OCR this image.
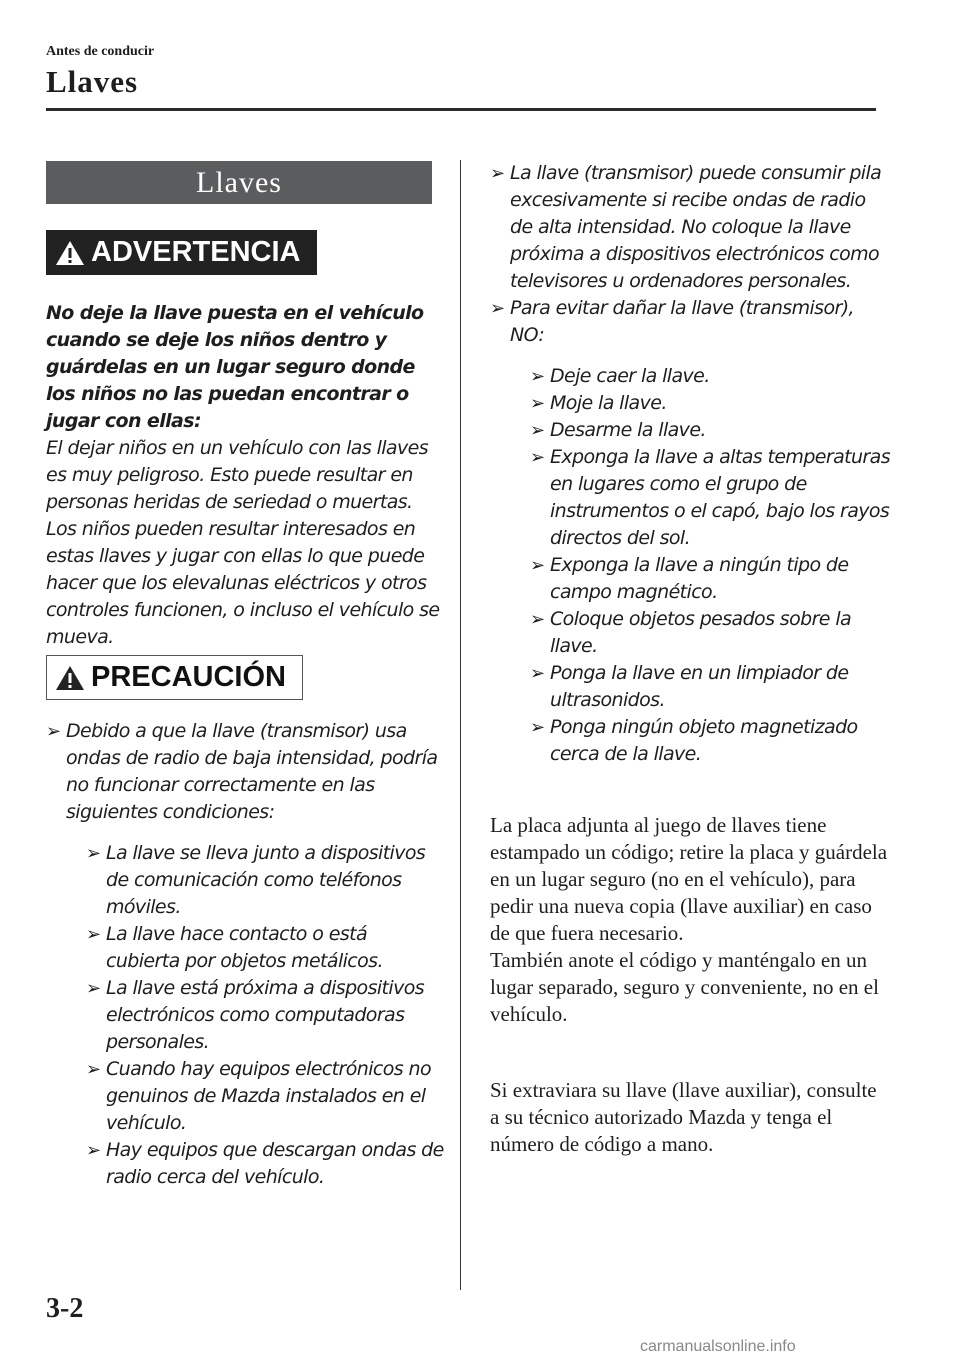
Antes de conducir
Llaves
Llaves
ADVERTENCIA
No deje la llave puesta en el vehículo cuando se deje los niños dentro y guárdelas en un lugar seguro donde los niños no las puedan encontrar o jugar con ellas:
El dejar niños en un vehículo con las llaves es muy peligroso. Esto puede resultar en personas heridas de seriedad o muertas. Los niños pueden resultar interesados en estas llaves y jugar con ellas lo que puede hacer que los elevalunas eléctricos y otros controles funcionen, o incluso el vehículo se mueva.
PRECAUCIÓN
➢ Debido a que la llave (transmisor) usa ondas de radio de baja intensidad, podría no funcionar correctamente en las siguientes condiciones:
➢ La llave se lleva junto a dispositivos de comunicación como teléfonos móviles.
➢ La llave hace contacto o está cubierta por objetos metálicos.
➢ La llave está próxima a dispositivos electrónicos como computadoras personales.
➢ Cuando hay equipos electrónicos no genuinos de Mazda instalados en el vehículo.
➢ Hay equipos que descargan ondas de radio cerca del vehículo.
➢ La llave (transmisor) puede consumir pila excesivamente si recibe ondas de radio de alta intensidad. No coloque la llave próxima a dispositivos electrónicos como televisores u ordenadores personales.
➢ Para evitar dañar la llave (transmisor), NO:
➢ Deje caer la llave.
➢ Moje la llave.
➢ Desarme la llave.
➢ Exponga la llave a altas temperaturas en lugares como el grupo de instrumentos o el capó, bajo los rayos directos del sol.
➢ Exponga la llave a ningún tipo de campo magnético.
➢ Coloque objetos pesados sobre la llave.
➢ Ponga la llave en un limpiador de ultrasonidos.
➢ Ponga ningún objeto magnetizado cerca de la llave.
La placa adjunta al juego de llaves tiene estampado un código; retire la placa y guárdela en un lugar seguro (no en el vehículo), para pedir una nueva copia (llave auxiliar) en caso de que fuera necesario.
También anote el código y manténgalo en un lugar separado, seguro y conveniente, no en el vehículo.
Si extraviara su llave (llave auxiliar), consulte a su técnico autorizado Mazda y tenga el número de código a mano.
3-2
carmanualsonline.info
